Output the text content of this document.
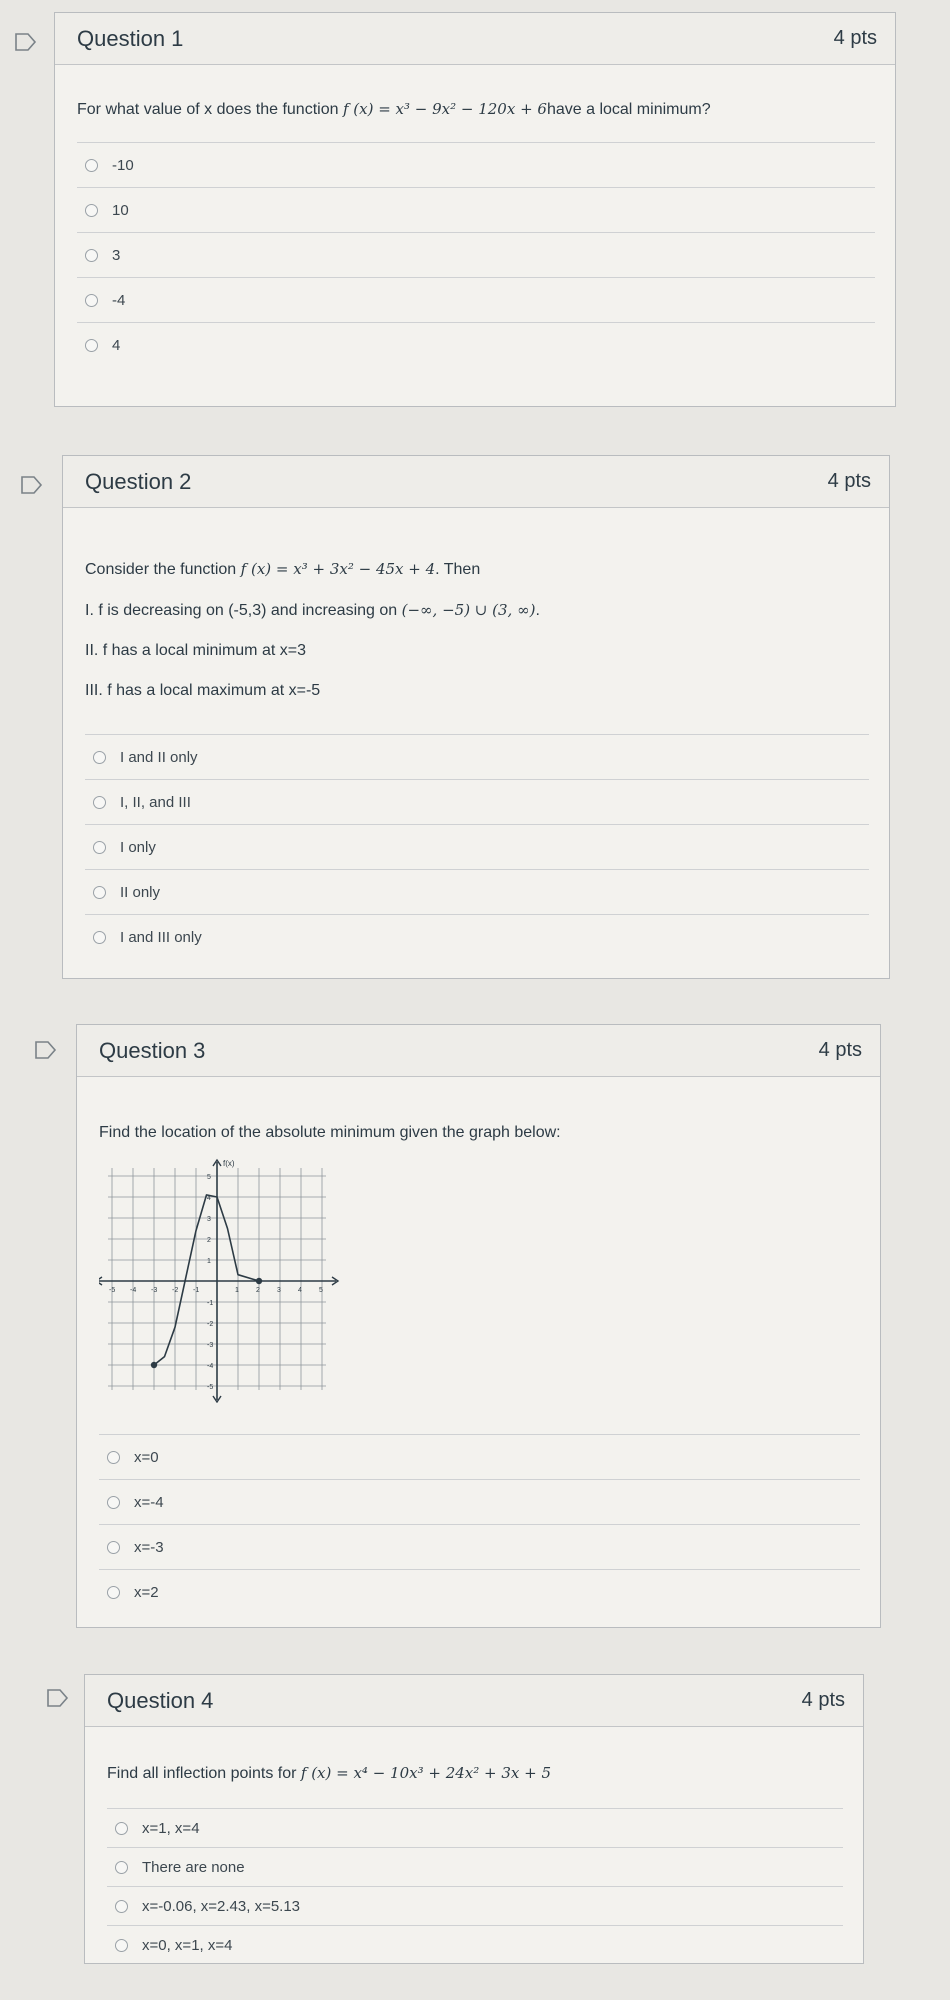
Question 1	4 pts
For what value of x does the function f (x) = x³ − 9x² − 120x + 6have a local minimum?
-10
10
3
-4
4
Question 2	4 pts
Consider the function f (x) = x³ + 3x² − 45x + 4. Then
I. f is decreasing on (-5,3) and increasing on (−∞, −5) ∪ (3, ∞).
II. f has a local minimum at x=3
III. f has a local maximum at x=-5
I and II only
I, II, and III
I only
II only
I and III only
Question 3	4 pts
Find the location of the absolute minimum given the graph below:
f(x)
-5 -4 -3 -2 -1	1 2 3 4 5
5
4
3
2
1
-1
-2
-3
-4
-5
x=0
x=-4
x=-3
x=2
Question 4	4 pts
Find all inflection points for f (x) = x⁴ − 10x³ + 24x² + 3x + 5
x=1, x=4
There are none
x=-0.06, x=2.43, x=5.13
x=0, x=1, x=4
